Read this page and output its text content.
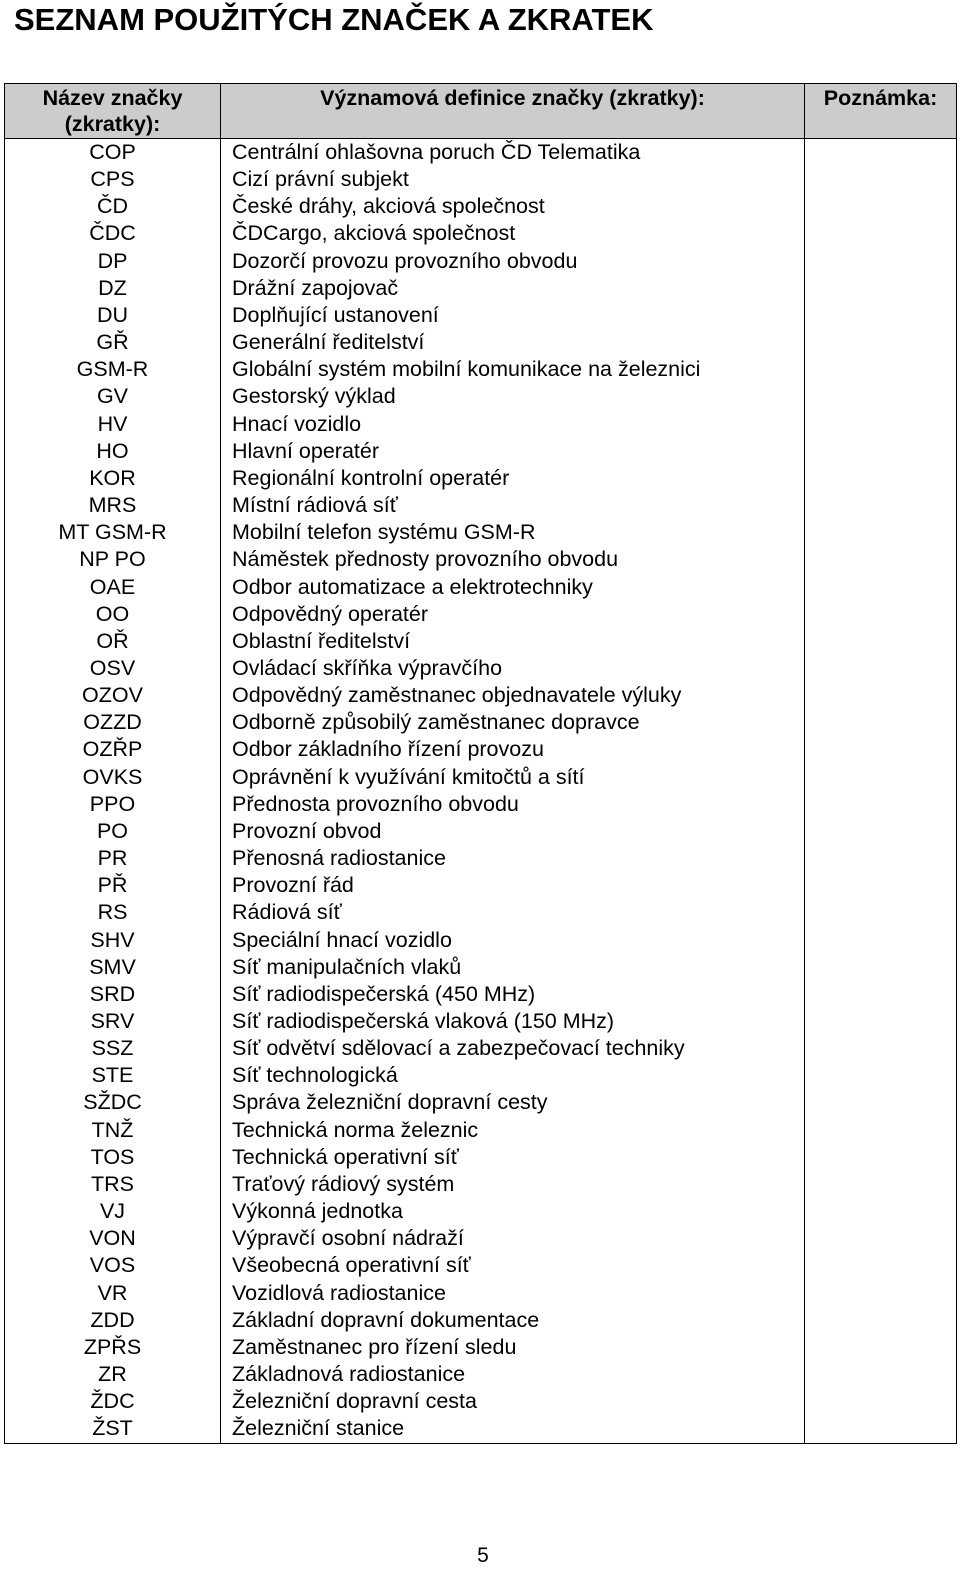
SEZNAM POUŽITÝCH ZNAČEK A ZKRATEK
Název značky (zkratky):	Významová definice značky (zkratky):	Poznámka:
COP	Centrální ohlašovna poruch ČD Telematika	
CPS	Cizí právní subjekt	
ČD	České dráhy, akciová společnost	
ČDC	ČDCargo, akciová společnost	
DP	Dozorčí provozu provozního obvodu	
DZ	Drážní zapojovač	
DU	Doplňující ustanovení	
GŘ	Generální ředitelství	
GSM-R	Globální systém mobilní komunikace na železnici	
GV	Gestorský výklad	
HV	Hnací vozidlo	
HO	Hlavní operatér	
KOR	Regionální kontrolní operatér	
MRS	Místní rádiová síť	
MT GSM-R	Mobilní telefon systému GSM-R	
NP PO	Náměstek přednosty provozního obvodu	
OAE	Odbor automatizace a elektrotechniky	
OO	Odpovědný operatér	
OŘ	Oblastní ředitelství	
OSV	Ovládací skříňka výpravčího	
OZOV	Odpovědný zaměstnanec objednavatele výluky	
OZZD	Odborně způsobilý zaměstnanec dopravce	
OZŘP	Odbor základního řízení provozu	
OVKS	Oprávnění k využívání kmitočtů a sítí	
PPO	Přednosta provozního obvodu	
PO	Provozní obvod	
PR	Přenosná radiostanice	
PŘ	Provozní řád	
RS	Rádiová síť	
SHV	Speciální hnací vozidlo	
SMV	Síť manipulačních vlaků	
SRD	Síť radiodispečerská (450 MHz)	
SRV	Síť radiodispečerská vlaková (150 MHz)	
SSZ	Síť odvětví sdělovací a zabezpečovací techniky	
STE	Síť technologická	
SŽDC	Správa železniční dopravní cesty	
TNŽ	Technická norma železnic	
TOS	Technická operativní síť	
TRS	Traťový rádiový systém	
VJ	Výkonná jednotka	
VON	Výpravčí osobní nádraží	
VOS	Všeobecná operativní síť	
VR	Vozidlová radiostanice	
ZDD	Základní dopravní dokumentace	
ZPŘS	Zaměstnanec pro řízení sledu	
ZR	Základnová radiostanice	
ŽDC	Železniční dopravní cesta	
ŽST	Železniční stanice	
5
